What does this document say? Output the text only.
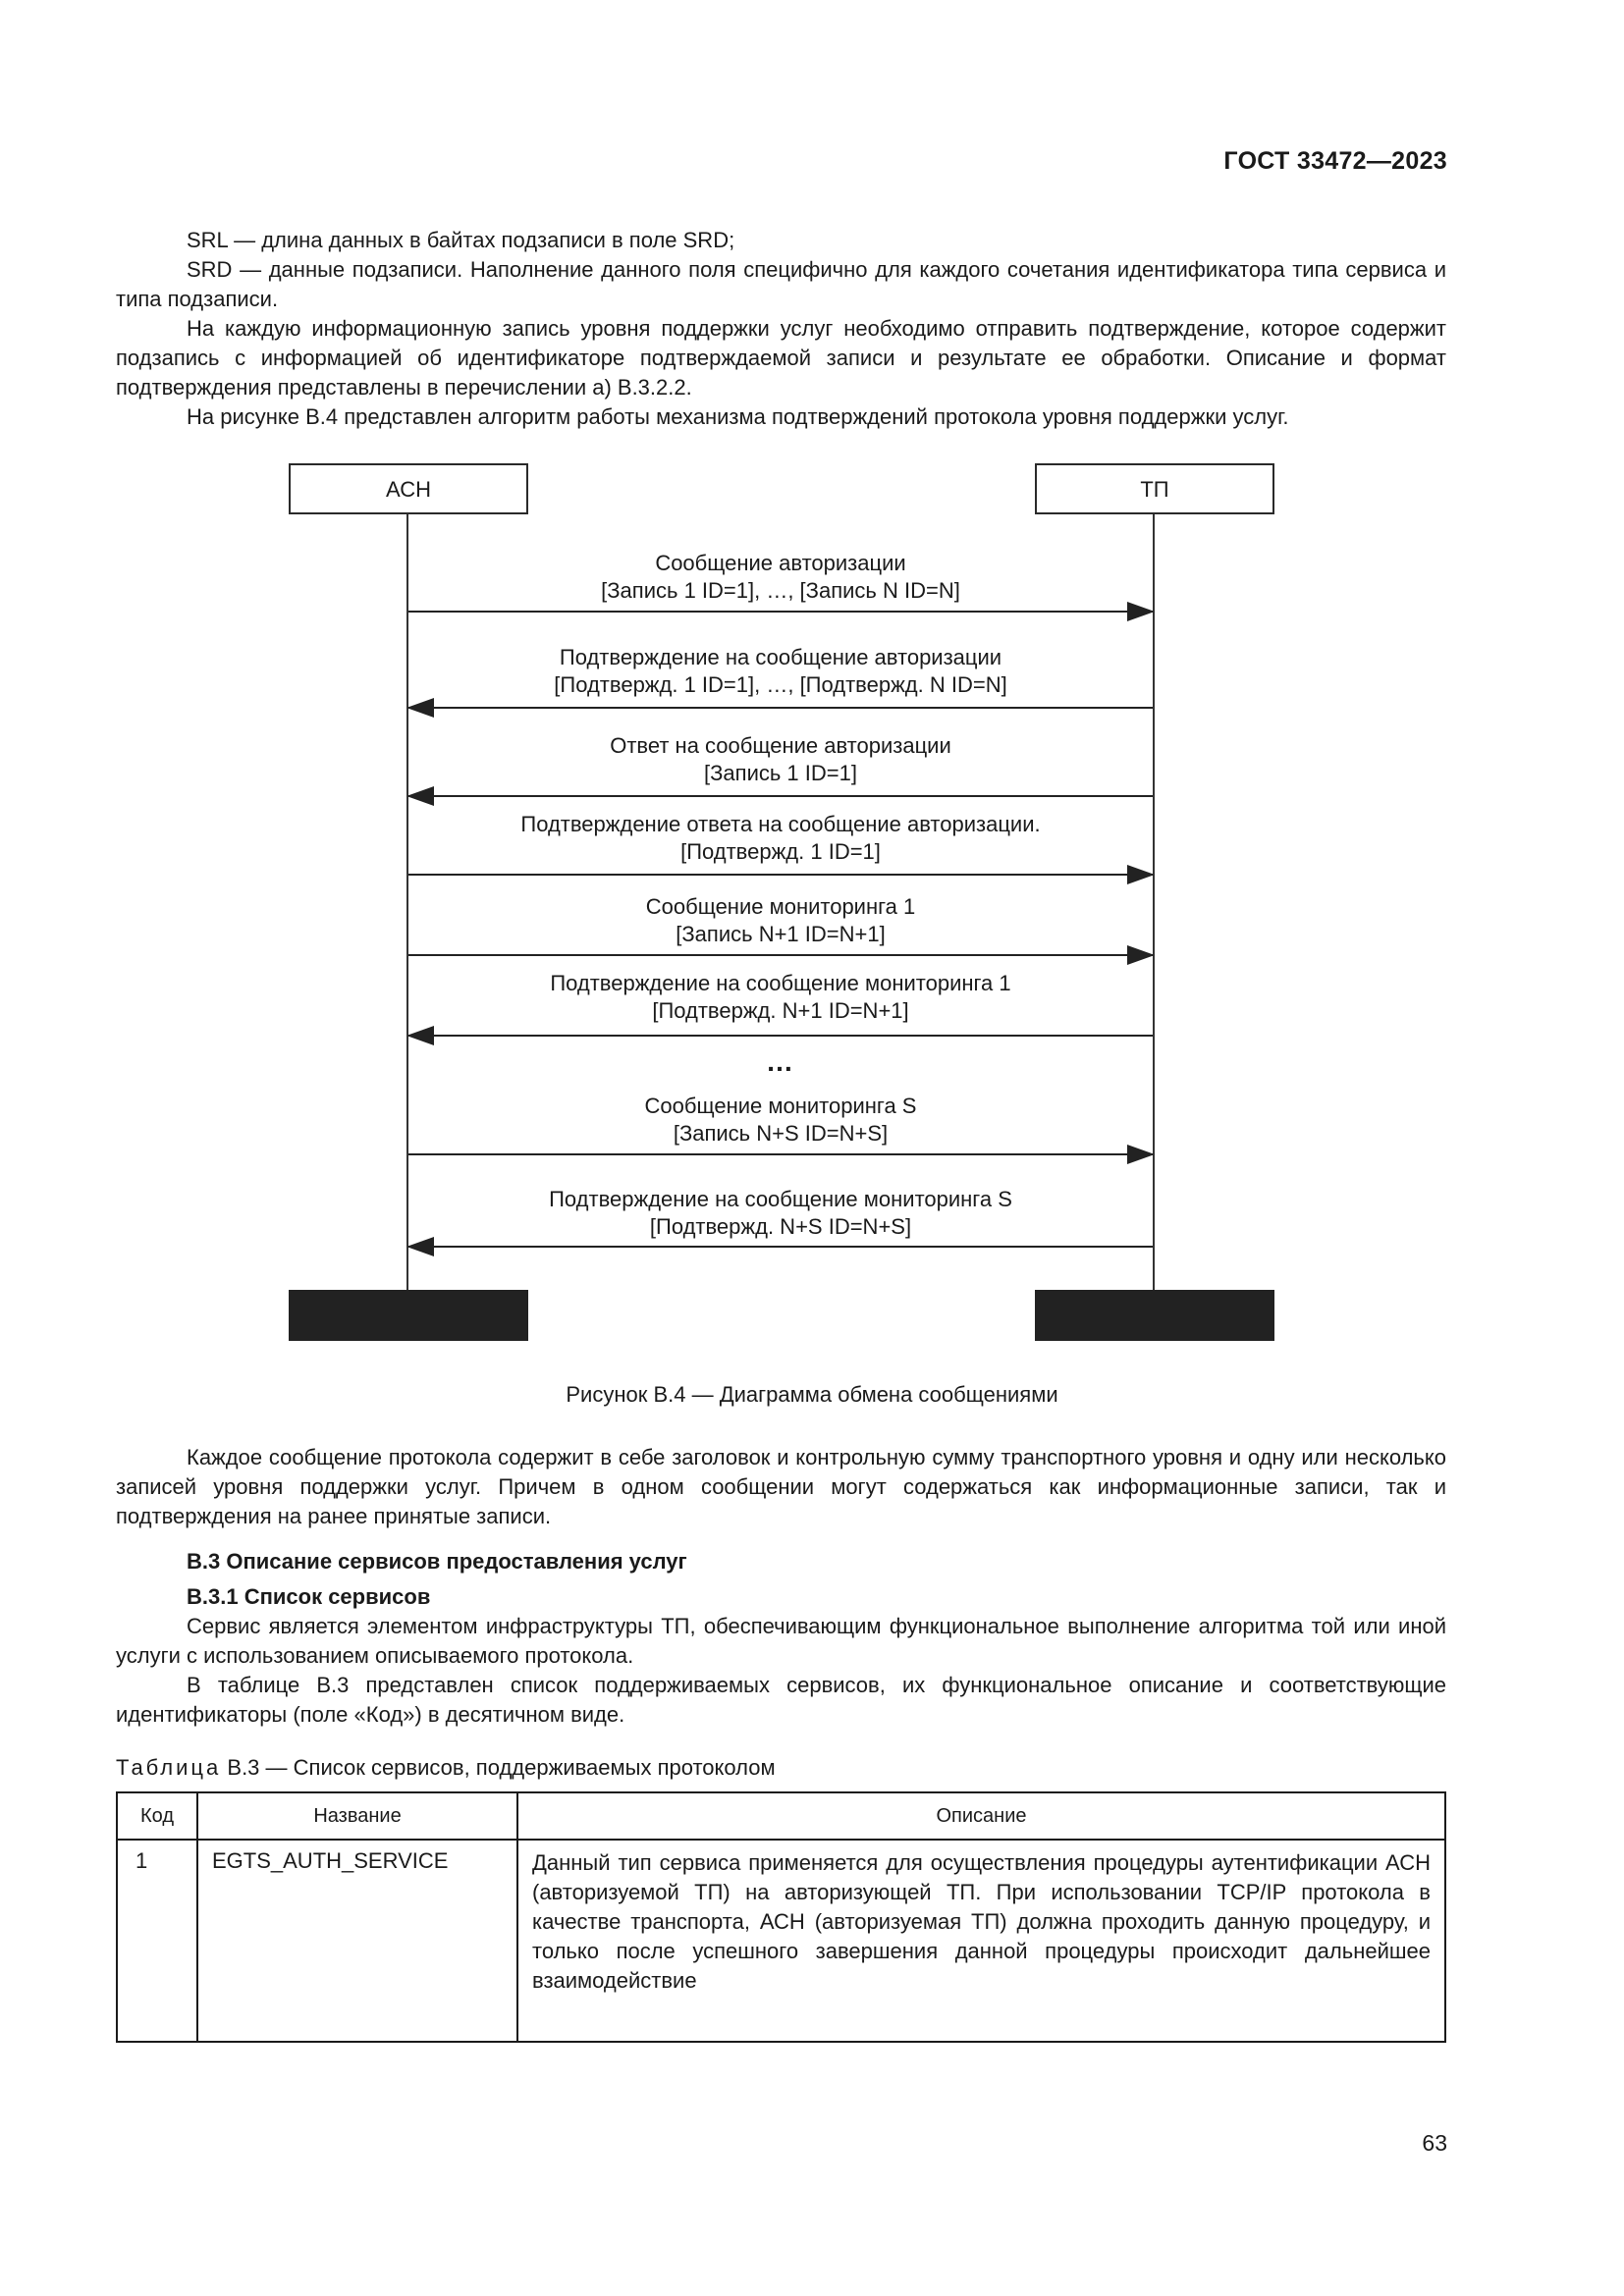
ГОСТ 33472—2023

SRL — длина данных в байтах подзаписи в поле SRD;

SRD — данные подзаписи. Наполнение данного поля специфично для каждого сочетания идентификатора типа сервиса и типа подзаписи.

На каждую информационную запись уровня поддержки услуг необходимо отправить подтверждение, которое содержит подзапись с информацией об идентификаторе подтверждаемой записи и результате ее обработки. Описание и формат подтверждения представлены в перечислении а) В.3.2.2.

На рисунке В.4 представлен алгоритм работы механизма подтверждений протокола уровня поддержки услуг.

АСН	ТП
Сообщение авторизации
[Запись 1 ID=1], …, [Запись N ID=N]
Подтверждение на сообщение авторизации
[Подтвержд. 1 ID=1], …, [Подтвержд. N ID=N]
Ответ на сообщение авторизации
[Запись 1 ID=1]
Подтверждение ответа на сообщение авторизации.
[Подтвержд. 1 ID=1]
Сообщение мониторинга 1
[Запись N+1 ID=N+1]
Подтверждение на сообщение мониторинга 1
[Подтвержд. N+1 ID=N+1]
…
Сообщение мониторинга S
[Запись N+S ID=N+S]
Подтверждение на сообщение мониторинга S
[Подтвержд. N+S ID=N+S]
Рисунок В.4 — Диаграмма обмена сообщениями

Каждое сообщение протокола содержит в себе заголовок и контрольную сумму транспортного уровня и одну или несколько записей уровня поддержки услуг. Причем в одном сообщении могут содержаться как информационные записи, так и подтверждения на ранее принятые записи.

В.3 Описание сервисов предоставления услуг

В.3.1 Список сервисов

Сервис является элементом инфраструктуры ТП, обеспечивающим функциональное выполнение алгоритма той или иной услуги с использованием описываемого протокола.

В таблице В.3 представлен список поддерживаемых сервисов, их функциональное описание и соответствующие идентификаторы (поле «Код») в десятичном виде.

Таблица В.3 — Список сервисов, поддерживаемых протоколом
Код	Название	Описание
1	EGTS_AUTH_SERVICE	Данный тип сервиса применяется для осуществления процедуры аутентификации АСН (авторизуемой ТП) на авторизующей ТП. При использовании TCP/IP протокола в качестве транспорта, АСН (авторизуемая ТП) должна проходить данную процедуру, и только после успешного завершения данной процедуры происходит дальнейшее взаимодействие
63
